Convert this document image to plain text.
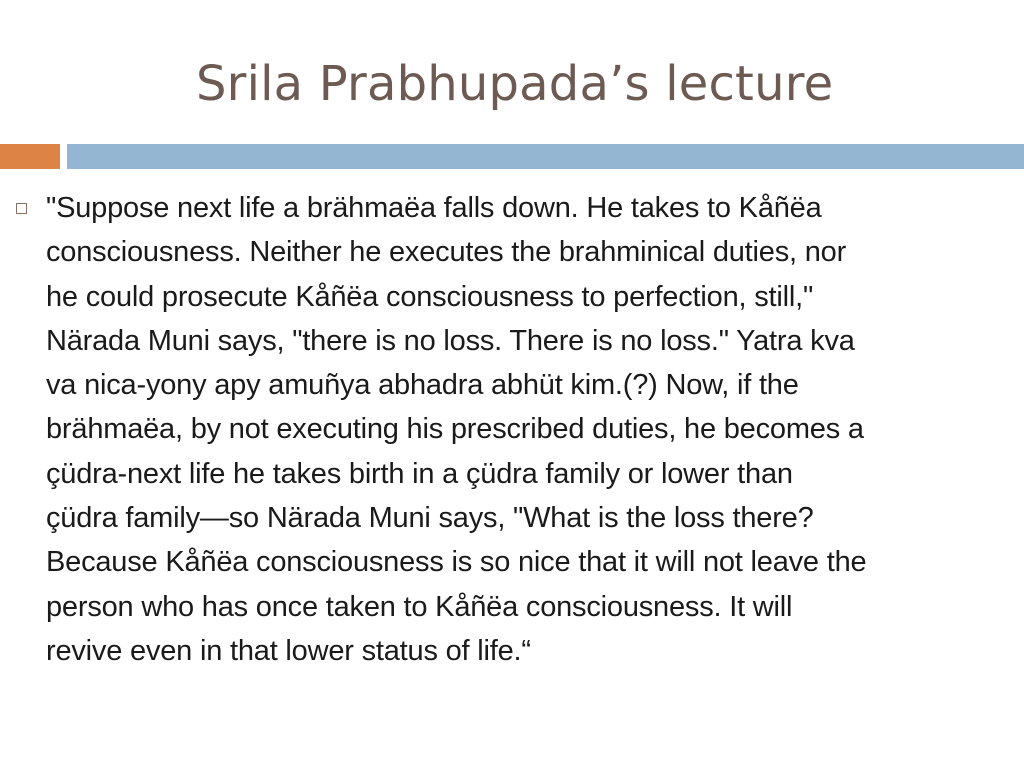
Srila Prabhupada’s lecture
"Suppose next life a brähmaëa falls down. He takes to Kåñëa
consciousness. Neither he executes the brahminical duties, nor
he could prosecute Kåñëa consciousness to perfection, still,"
Närada Muni says, "there is no loss. There is no loss." Yatra kva
va nica-yony apy amuñya abhadra abhüt kim.(?) Now, if the
brähmaëa, by not executing his prescribed duties, he becomes a
çüdra-next life he takes birth in a çüdra family or lower than
çüdra family—so Närada Muni says, "What is the loss there?
Because Kåñëa consciousness is so nice that it will not leave the
person who has once taken to Kåñëa consciousness. It will
revive even in that lower status of life.“
